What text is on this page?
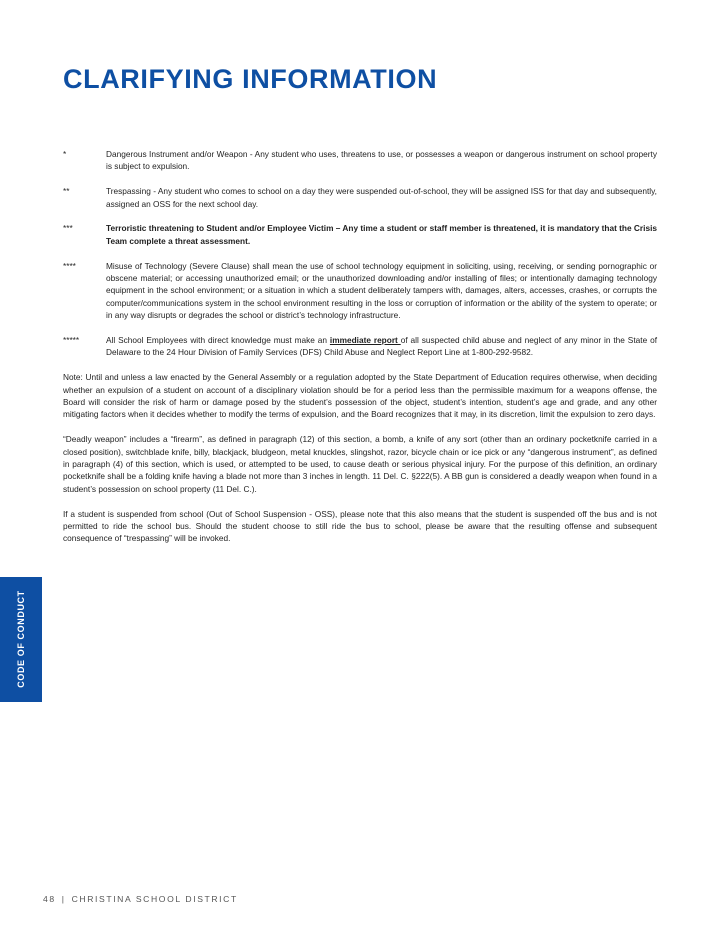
CLARIFYING INFORMATION
*	Dangerous Instrument and/or Weapon - Any student who uses, threatens to use, or possesses a weapon or dangerous instrument on school property is subject to expulsion.
**	Trespassing - Any student who comes to school on a day they were suspended out-of-school, they will be assigned ISS for that day and subsequently, assigned an OSS for the next school day.
***	Terroristic threatening to Student and/or Employee Victim – Any time a student or staff member is threatened, it is mandatory that the Crisis Team complete a threat assessment.
****	Misuse of Technology (Severe Clause) shall mean the use of school technology equipment in soliciting, using, receiving, or sending pornographic or obscene material; or accessing unauthorized email; or the unauthorized downloading and/or installing of files; or intentionally damaging technology equipment in the school environment; or a situation in which a student deliberately tampers with, damages, alters, accesses, crashes, or corrupts the computer/communications system in the school environment resulting in the loss or corruption of information or the ability of the system to operate; or in any way disrupts or degrades the school or district’s technology infrastructure.
*****	All School Employees with direct knowledge must make an immediate report of all suspected child abuse and neglect of any minor in the State of Delaware to the 24 Hour Division of Family Services (DFS) Child Abuse and Neglect Report Line at 1-800-292-9582.

Note: Until and unless a law enacted by the General Assembly or a regulation adopted by the State Department of Education requires otherwise, when deciding whether an expulsion of a student on account of a disciplinary violation should be for a period less than the permissible maximum for a weapons offense, the Board will consider the risk of harm or damage posed by the student’s possession of the object, student’s intention, student’s age and grade, and any other mitigating factors when it decides whether to modify the terms of expulsion, and the Board recognizes that it may, in its discretion, limit the expulsion to zero days.

“Deadly weapon” includes a “firearm”, as defined in paragraph (12) of this section, a bomb, a knife of any sort (other than an ordinary pocketknife carried in a closed position), switchblade knife, billy, blackjack, bludgeon, metal knuckles, slingshot, razor, bicycle chain or ice pick or any “dangerous instrument”, as defined in paragraph (4) of this section, which is used, or attempted to be used, to cause death or serious physical injury. For the purpose of this definition, an ordinary pocketknife shall be a folding knife having a blade not more than 3 inches in length. 11 Del. C. §222(5). A BB gun is considered a deadly weapon when found in a student’s possession on school property (11 Del. C.).

If a student is suspended from school (Out of School Suspension - OSS), please note that this also means that the student is suspended off the bus and is not permitted to ride the school bus. Should the student choose to still ride the bus to school, please be aware that the resulting offense and subsequent consequence of “trespassing” will be invoked.

CODE OF CONDUCT
48 | CHRISTINA SCHOOL DISTRICT
